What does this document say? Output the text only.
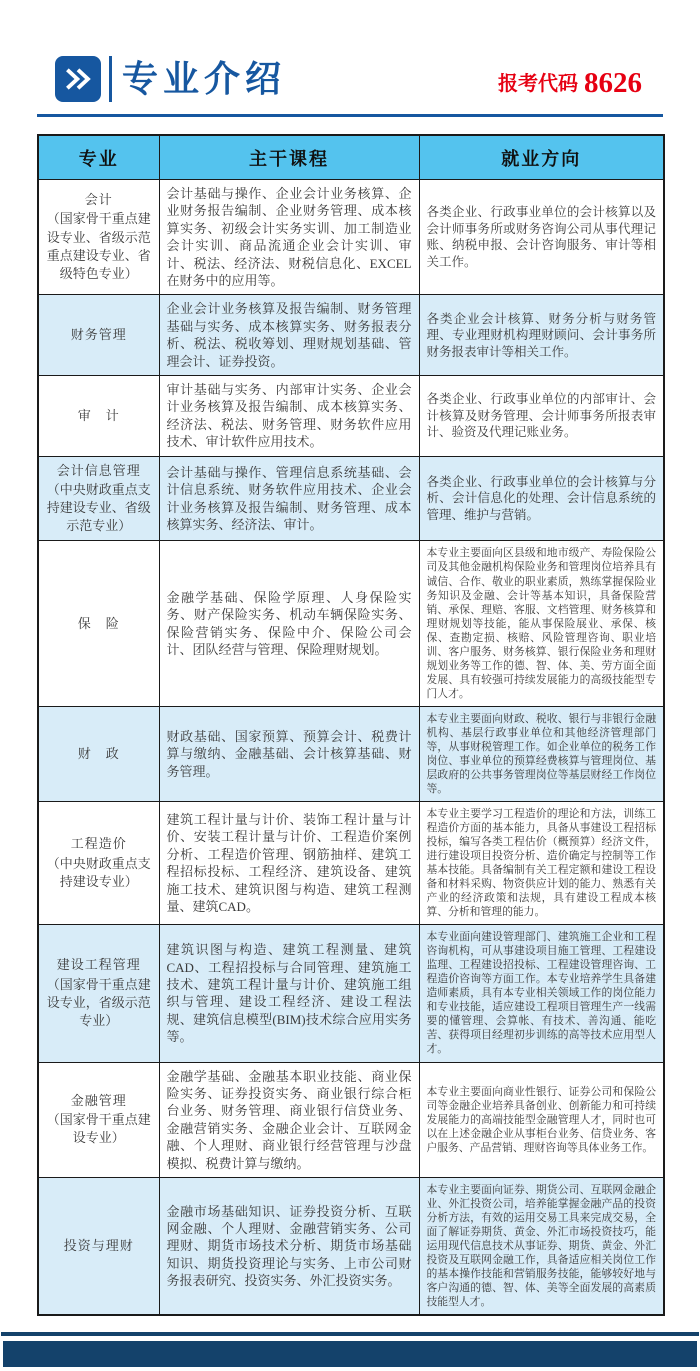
专业介绍	报考代码 8626
专业	主干课程	就业方向

会计
（国家骨干重点建设专业、省级示范重点建设专业、省级特色专业）	会计基础与操作、企业会计业务核算、企业财务报告编制、企业财务管理、成本核算实务、初级会计实务实训、加工制造业会计实训、商品流通企业会计实训、审计、税法、经济法、财税信息化、EXCEL在财务中的应用等。	各类企业、行政事业单位的会计核算以及会计师事务所或财务咨询公司从事代理记账、纳税申报、会计咨询服务、审计等相关工作。

财务管理	企业会计业务核算及报告编制、财务管理基础与实务、成本核算实务、财务报表分析、税法、税收筹划、理财规划基础、管理会计、证券投资。	各类企业会计核算、财务分析与财务管理、专业理财机构理财顾问、会计事务所财务报表审计等相关工作。

审　计	审计基础与实务、内部审计实务、企业会计业务核算及报告编制、成本核算实务、经济法、税法、财务管理、财务软件应用技术、审计软件应用技术。	各类企业、行政事业单位的内部审计、会计核算及财务管理、会计师事务所报表审计、验资及代理记账业务。

会计信息管理
（中央财政重点支持建设专业、省级示范专业）	会计基础与操作、管理信息系统基础、会计信息系统、财务软件应用技术、企业会计业务核算及报告编制、财务管理、成本核算实务、经济法、审计。	各类企业、行政事业单位的会计核算与分析、会计信息化的处理、会计信息系统的管理、维护与营销。

保　险	金融学基础、保险学原理、人身保险实务、财产保险实务、机动车辆保险实务、保险营销实务、保险中介、保险公司会计、团队经营与管理、保险理财规划。	本专业主要面向区县级和地市级产、寿险保险公司及其他金融机构保险业务和管理岗位培养具有诚信、合作、敬业的职业素质，熟练掌握保险业务知识及金融、会计等基本知识，具备保险营销、承保、理赔、客服、文档管理、财务核算和理财规划等技能，能从事保险展业、承保、核保、查勘定损、核赔、风险管理咨询、职业培训、客户服务、财务核算、银行保险业务和理财规划业务等工作的德、智、体、美、劳方面全面发展、具有较强可持续发展能力的高级技能型专门人才。

财　政	财政基础、国家预算、预算会计、税费计算与缴纳、金融基础、会计核算基础、财务管理。	本专业主要面向财政、税收、银行与非银行金融机构、基层行政事业单位和其他经济管理部门等，从事财税管理工作。如企业单位的税务工作岗位、事业单位的预算经费核算与管理岗位、基层政府的公共事务管理岗位等基层财经工作岗位等。

工程造价
（中央财政重点支持建设专业）	建筑工程计量与计价、装饰工程计量与计价、安装工程计量与计价、工程造价案例分析、工程造价管理、钢筋抽样、建筑工程招标投标、工程经济、建筑设备、建筑施工技术、建筑识图与构造、建筑工程测量、建筑CAD。	本专业主要学习工程造价的理论和方法，训练工程造价方面的基本能力，具备从事建设工程招标投标，编写各类工程估价（概预算）经济文件，进行建设项目投资分析、造价确定与控制等工作基本技能。具备编制有关工程定额和建设工程设备和材料采购、物资供应计划的能力、熟悉有关产业的经济政策和法规，具有建设工程成本核算、分析和管理的能力。

建设工程管理
（国家骨干重点建设专业，省级示范专业）	建筑识图与构造、建筑工程测量、建筑CAD、工程招投标与合同管理、建筑施工技术、建筑工程计量与计价、建筑施工组织与管理、建设工程经济、建设工程法规、建筑信息模型(BIM)技术综合应用实务等。	本专业面向建设管理部门、建筑施工企业和工程咨询机构，可从事建设项目施工管理、工程建设监理、工程建设招投标、工程建设管理咨询、工程造价咨询等方面工作。本专业培养学生具备建造师素质，具有本专业相关领域工作的岗位能力和专业技能，适应建设工程项目管理生产一线需要的懂管理、会算帐、有技术、善沟通、能吃苦、获得项目经理初步训练的高等技术应用型人才。

金融管理
（国家骨干重点建设专业）	金融学基础、金融基本职业技能、商业保险实务、证券投资实务、商业银行综合柜台业务、财务管理、商业银行信贷业务、金融营销实务、金融企业会计、互联网金融、个人理财、商业银行经营管理与沙盘模拟、税费计算与缴纳。	本专业主要面向商业性银行、证券公司和保险公司等金融企业培养具备创业、创新能力和可持续发展能力的高端技能型金融管理人才，同时也可以在上述金融企业从事柜台业务、信贷业务、客户服务、产品营销、理财咨询等具体业务工作。

投资与理财	金融市场基础知识、证券投资分析、互联网金融、个人理财、金融营销实务、公司理财、期货市场技术分析、期货市场基础知识、期货投资理论与实务、上市公司财务报表研究、投资实务、外汇投资实务。	本专业主要面向证券、期货公司、互联网金融企业、外汇投资公司，培养能掌握金融产品的投资分析方法，有效的运用交易工具来完成交易，全面了解证券期货、黄金、外汇市场投资技巧，能运用现代信息技术从事证券、期货、黄金、外汇投资及互联网金融工作，具备适应相关岗位工作的基本操作技能和营销服务技能，能够较好地与客户沟通的德、智、体、美等全面发展的高素质技能型人才。
